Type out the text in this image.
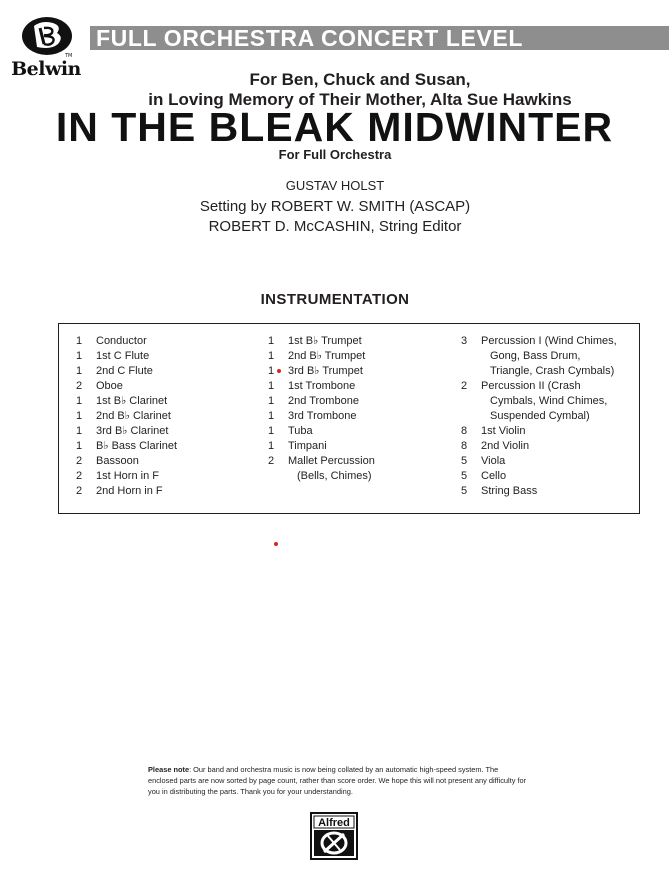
TM
Belwin
FULL ORCHESTRA CONCERT LEVEL
For Ben, Chuck and Susan,
in Loving Memory of Their Mother, Alta Sue Hawkins
IN THE BLEAK MIDWINTER
For Full Orchestra
GUSTAV HOLST
Setting by ROBERT W. SMITH (ASCAP)
ROBERT D. McCASHIN, String Editor
INSTRUMENTATION
1	Conductor
1	1st C Flute
1	2nd C Flute
2	Oboe
1	1st B♭ Clarinet
1	2nd B♭ Clarinet
1	3rd B♭ Clarinet
1	B♭ Bass Clarinet
2	Bassoon
2	1st Horn in F
2	2nd Horn in F
1	1st B♭ Trumpet
1	2nd B♭ Trumpet
1	3rd B♭ Trumpet
1	1st Trombone
1	2nd Trombone
1	3rd Trombone
1	Tuba
1	Timpani
2	Mallet Percussion
(Bells, Chimes)
3	Percussion I (Wind Chimes,
Gong, Bass Drum,
Triangle, Crash Cymbals)
2	Percussion II (Crash
Cymbals, Wind Chimes,
Suspended Cymbal)
8	1st Violin
8	2nd Violin
5	Viola
5	Cello
5	String Bass
Please note: Our band and orchestra music is now being collated by an automatic high-speed system. The enclosed parts are now sorted by page count, rather than score order. We hope this will not present any difficulty for you in distributing the parts. Thank you for your understanding.
Alfred
